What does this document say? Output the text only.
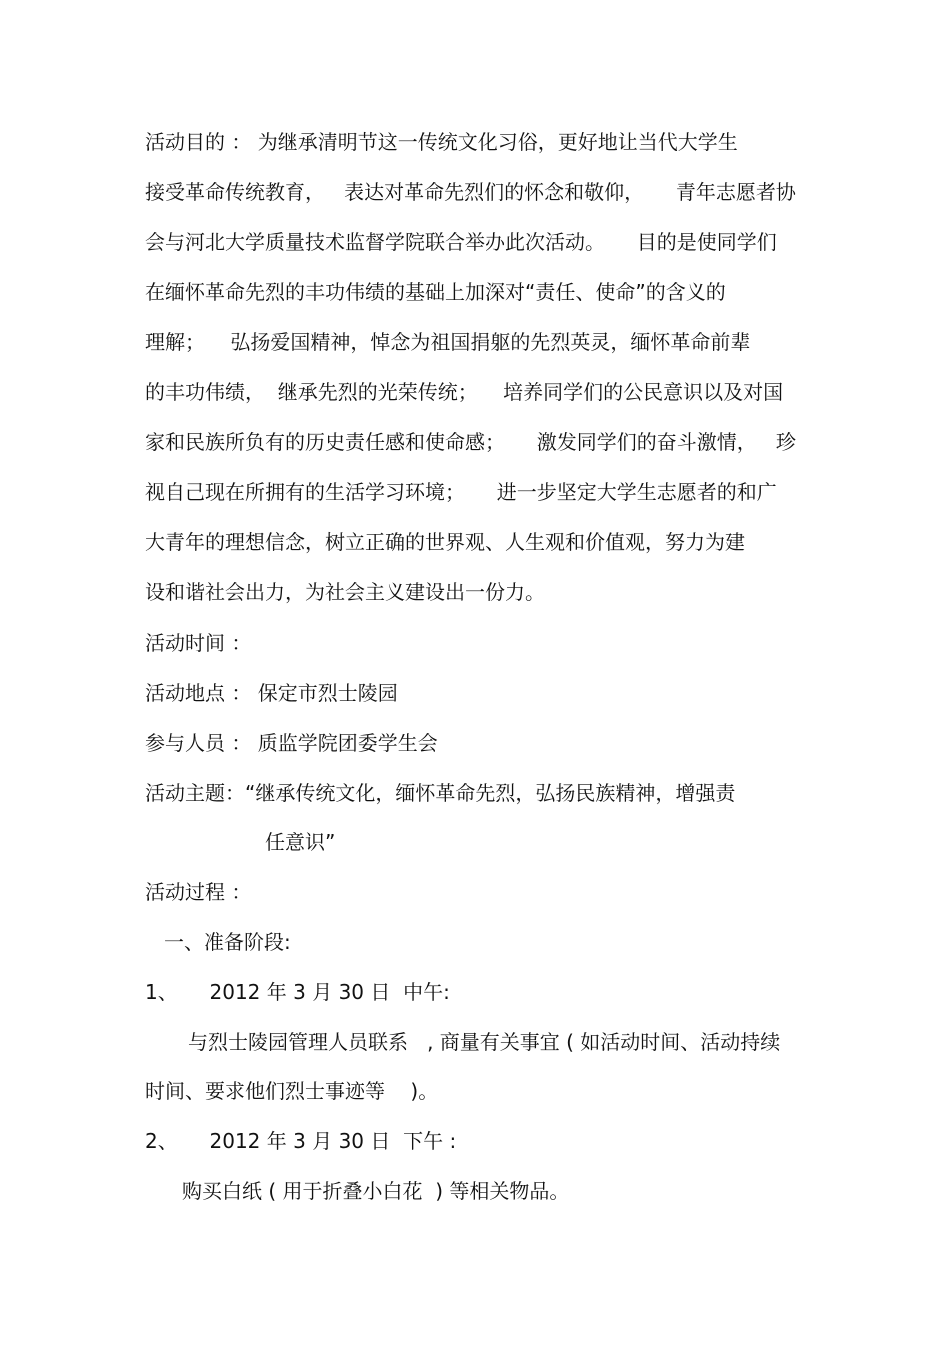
活动目的 ： 为继承清明节这一传统文化习俗，更好地让当代大学生
接受革命传统教育，   表达对革命先烈们的怀念和敬仰，     青年志愿者协
会与河北大学质量技术监督学院联合举办此次活动。     目的是使同学们
在缅怀革命先烈的丰功伟绩的基础上加深对“责任、使命”的含义的
理解；    弘扬爱国精神，悼念为祖国捐躯的先烈英灵，缅怀革命前辈
的丰功伟绩，  继承先烈的光荣传统；    培养同学们的公民意识以及对国
家和民族所负有的历史责任感和使命感；     激发同学们的奋斗激情，   珍
视自己现在所拥有的生活学习环境；     进一步坚定大学生志愿者的和广
大青年的理想信念，树立正确的世界观、人生观和价值观，努力为建
设和谐社会出力，为社会主义建设出一份力。
活动时间 ：
活动地点 ： 保定市烈士陵园
参与人员 ： 质监学院团委学生会
活动主题：“继承传统文化，缅怀革命先烈，弘扬民族精神，增强责
任意识”
活动过程 ：
一、准备阶段:
1、     2012 年 3 月 30 日  中午:
与烈士陵园管理人员联系   , 商量有关事宜 ( 如活动时间、活动持续
时间、要求他们烈士事迹等    )。
2、     2012 年 3 月 30 日  下午 :
购买白纸 ( 用于折叠小白花  ) 等相关物品。
